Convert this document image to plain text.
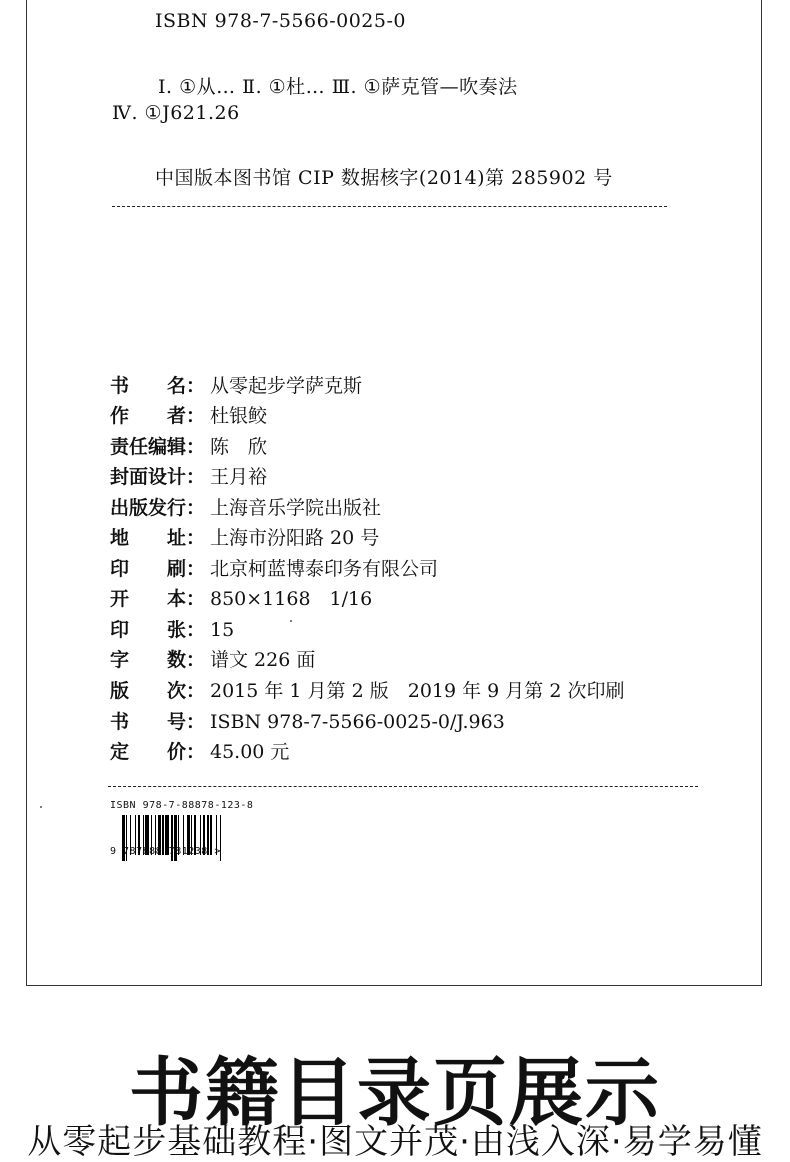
ISBN 978-7-5566-0025-0
Ⅰ. ①从… Ⅱ. ①杜… Ⅲ. ①萨克管—吹奏法
Ⅳ. ①J621.26
中国版本图书馆 CIP 数据核字(2014)第 285902 号
书　　名： 从零起步学萨克斯
作　　者： 杜银鲛
责任编辑： 陈　欣
封面设计： 王月裕
出版发行： 上海音乐学院出版社
地　　址： 上海市汾阳路 20 号
印　　刷： 北京柯蓝博泰印务有限公司
开　　本： 850×1168　1/16
印　　张： 15
字　　数： 谱文 226 面
版　　次： 2015 年 1 月第 2 版　2019 年 9 月第 2 次印刷
书　　号： ISBN 978-7-5566-0025-0/J.963
定　　价： 45.00 元
ISBN 978-7-88878-123-8
9 787888 781238 >
书籍目录页展示
从零起步基础教程·图文并茂·由浅入深·易学易懂
